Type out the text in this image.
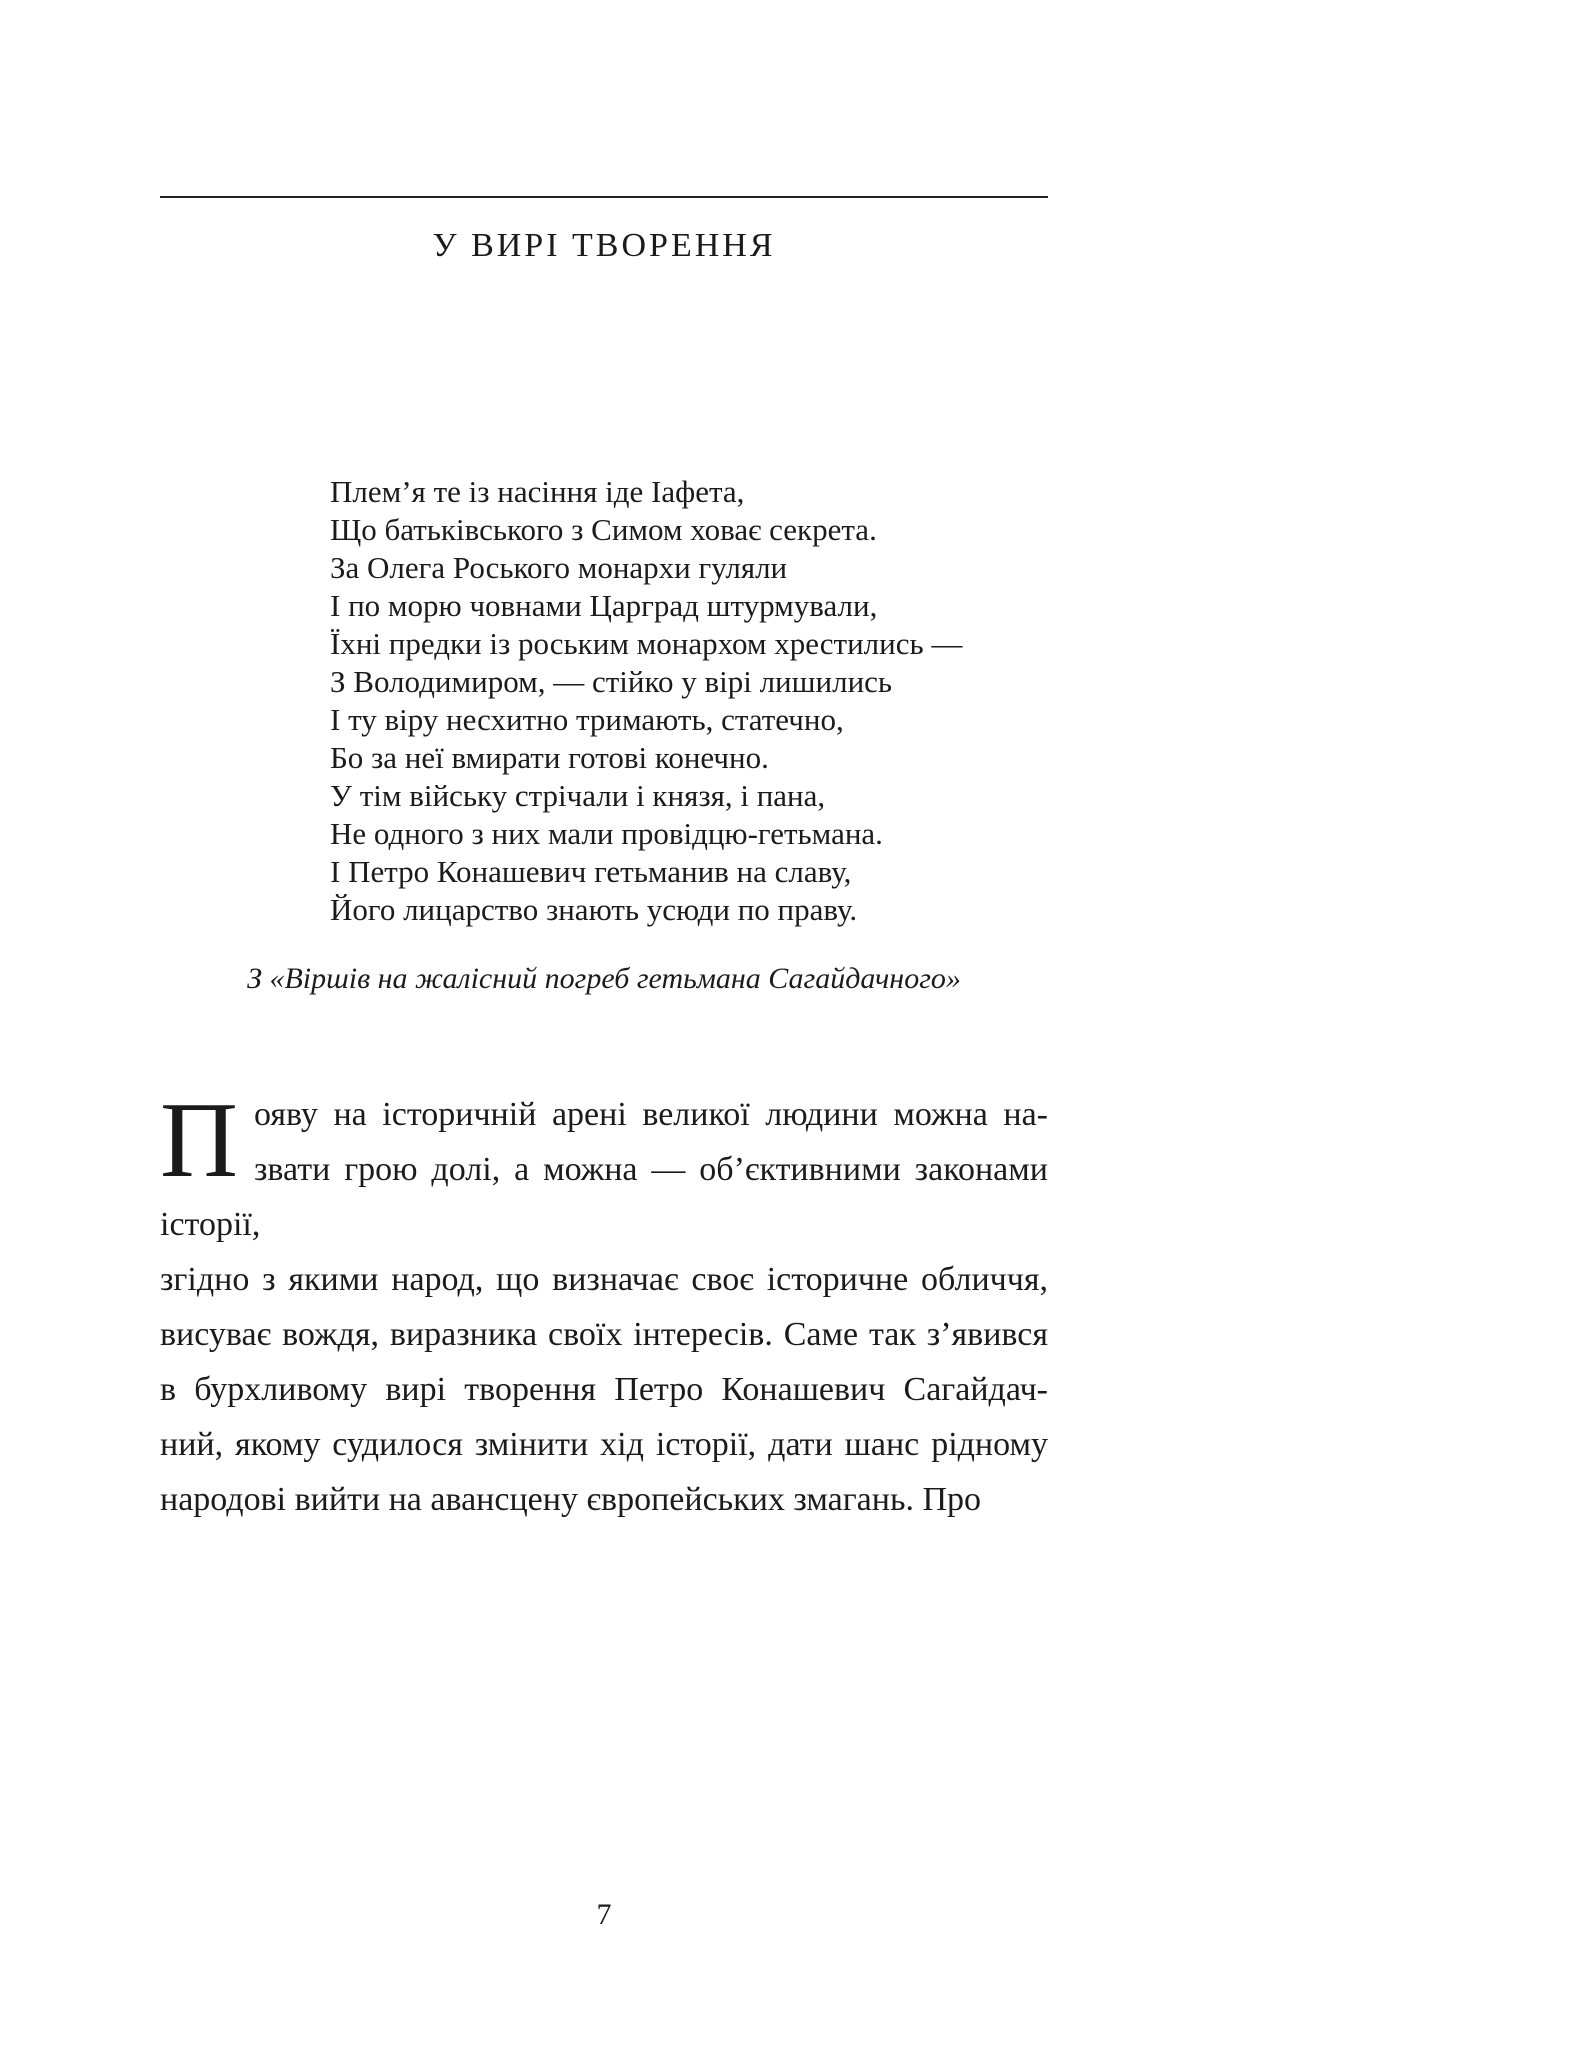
У ВИРІ ТВОРЕННЯ
Плем’я те із насіння іде Іафета,
Що батьківського з Симом ховає секрета.
За Олега Роського монархи гуляли
І по морю човнами Царград штурмували,
Їхні предки із роським монархом хрестились —
З Володимиром, — стійко у вірі лишились
І ту віру несхитно тримають, статечно,
Бо за неї вмирати готові конечно.
У тім війську стрічали і князя, і пана,
Не одного з них мали провідцю-гетьмана.
І Петро Конашевич гетьманив на славу,
Його лицарство знають усюди по праву.
З «Віршів на жалісний погреб гетьмана Сагайдачного»
П ояву на історичній арені великої людини можна на-
звати грою долі, а можна — об’єктивними законами історії,
згідно з якими народ, що визначає своє історичне обличчя,
висуває вождя, виразника своїх інтересів. Саме так з’явився
в бурхливому вирі творення Петро Конашевич Сагайдач-
ний, якому судилося змінити хід історії, дати шанс рідному
народові вийти на авансцену європейських змагань. Про
7
